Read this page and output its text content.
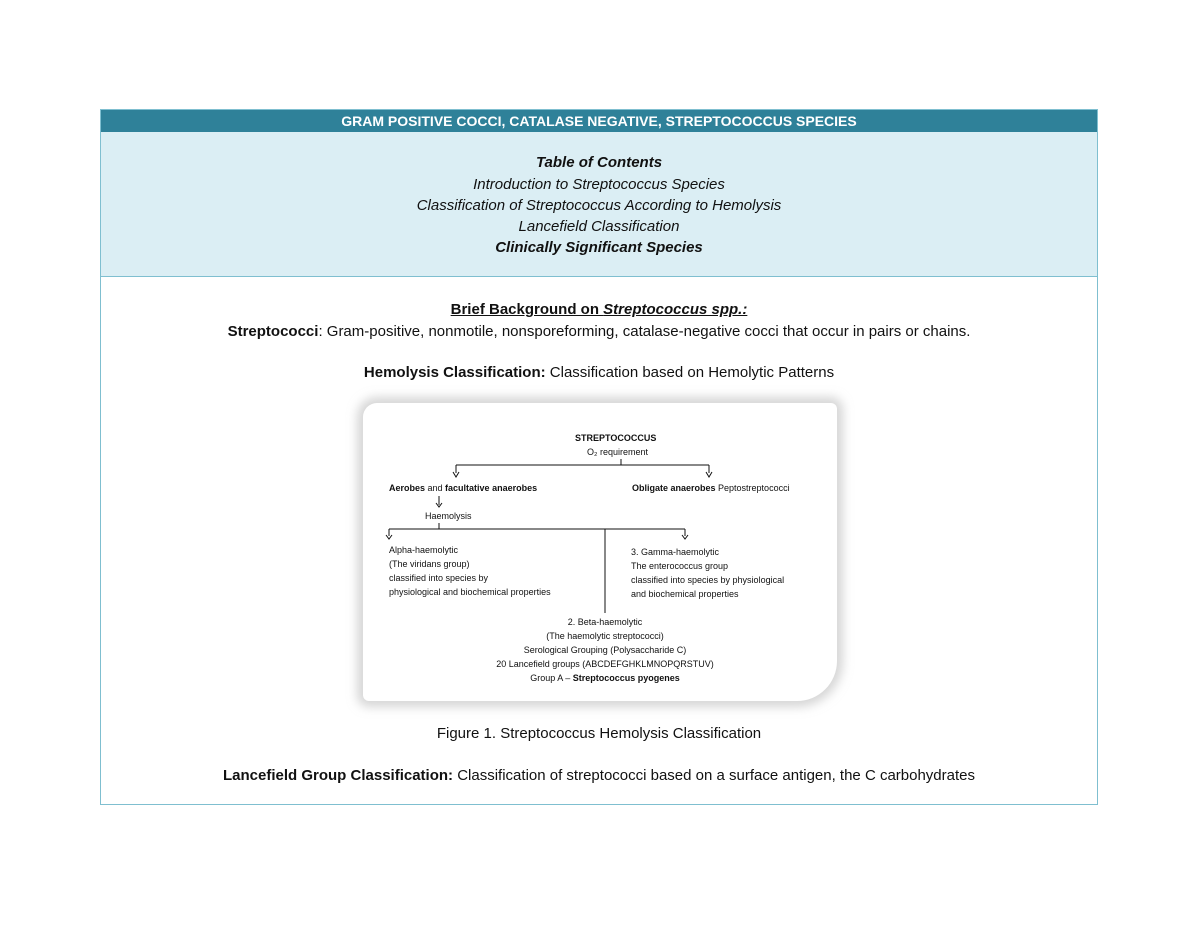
GRAM POSITIVE COCCI, CATALASE NEGATIVE, STREPTOCOCCUS SPECIES
Table of Contents
Introduction to Streptococcus Species
Classification of Streptococcus According to Hemolysis
Lancefield Classification
Clinically Significant Species
Brief Background on Streptococcus spp.:
Streptococci: Gram-positive, nonmotile, nonsporeforming, catalase-negative cocci that occur in pairs or chains.
Hemolysis Classification: Classification based on Hemolytic Patterns
STREPTOCOCCUS
O₂ requirement
Aerobes and facultative anaerobes	Obligate anaerobes Peptostreptococci
Haemolysis
Alpha-haemolytic
(The viridans group)
classified into species by
physiological and biochemical properties
3. Gamma-haemolytic
The enterococcus group
classified into species by physiological
and biochemical properties
2. Beta-haemolytic
(The haemolytic streptococci)
Serological Grouping (Polysaccharide C)
20 Lancefield groups (ABCDEFGHKLMNOPQRSTUV)
Group A – Streptococcus pyogenes
Figure 1. Streptococcus Hemolysis Classification
Lancefield Group Classification: Classification of streptococci based on a surface antigen, the C carbohydrates
